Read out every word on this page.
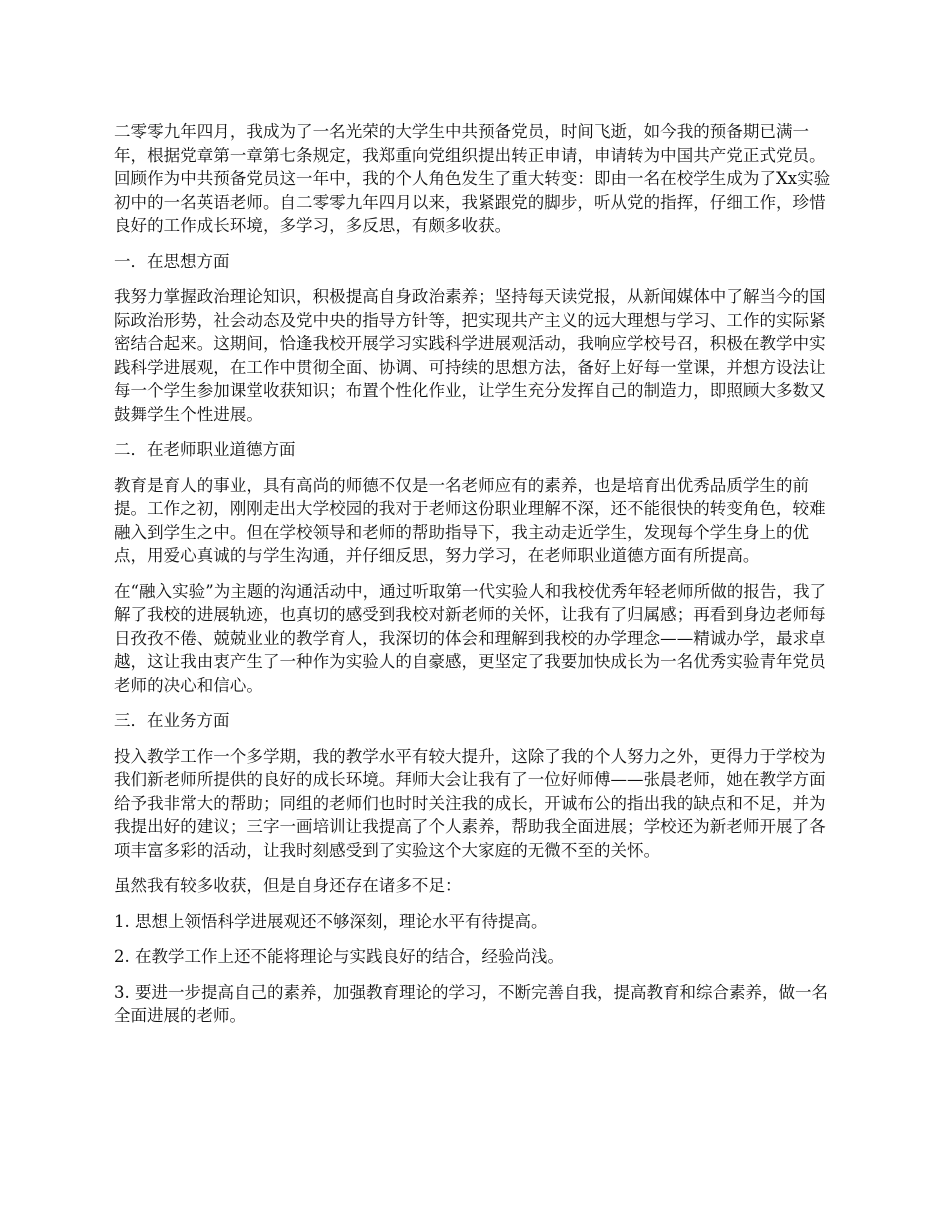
二零零九年四月，我成为了一名光荣的大学生中共预备党员，时间飞逝，如今我的预备期已满一年，根据党章第一章第七条规定，我郑重向党组织提出转正申请，申请转为中国共产党正式党员。回顾作为中共预备党员这一年中，我的个人角色发生了重大转变：即由一名在校学生成为了Xx实验初中的一名英语老师。自二零零九年四月以来，我紧跟党的脚步，听从党的指挥，仔细工作，珍惜良好的工作成长环境，多学习，多反思，有颇多收获。

一．在思想方面

我努力掌握政治理论知识，积极提高自身政治素养；坚持每天读党报，从新闻媒体中了解当今的国际政治形势，社会动态及党中央的指导方针等，把实现共产主义的远大理想与学习、工作的实际紧密结合起来。这期间，恰逢我校开展学习实践科学进展观活动，我响应学校号召，积极在教学中实践科学进展观，在工作中贯彻全面、协调、可持续的思想方法，备好上好每一堂课，并想方设法让每一个学生参加课堂收获知识；布置个性化作业，让学生充分发挥自己的制造力，即照顾大多数又鼓舞学生个性进展。

二．在老师职业道德方面

教育是育人的事业，具有高尚的师德不仅是一名老师应有的素养，也是培育出优秀品质学生的前提。工作之初，刚刚走出大学校园的我对于老师这份职业理解不深，还不能很快的转变角色，较难融入到学生之中。但在学校领导和老师的帮助指导下，我主动走近学生，发现每个学生身上的优点，用爱心真诚的与学生沟通，并仔细反思，努力学习，在老师职业道德方面有所提高。

在“融入实验”为主题的沟通活动中，通过听取第一代实验人和我校优秀年轻老师所做的报告，我了解了我校的进展轨迹，也真切的感受到我校对新老师的关怀，让我有了归属感；再看到身边老师每日孜孜不倦、兢兢业业的教学育人，我深切的体会和理解到我校的办学理念——精诚办学，最求卓越，这让我由衷产生了一种作为实验人的自豪感，更坚定了我要加快成长为一名优秀实验青年党员老师的决心和信心。

三．在业务方面

投入教学工作一个多学期，我的教学水平有较大提升，这除了我的个人努力之外，更得力于学校为我们新老师所提供的良好的成长环境。拜师大会让我有了一位好师傅——张晨老师，她在教学方面给予我非常大的帮助；同组的老师们也时时关注我的成长，开诚布公的指出我的缺点和不足，并为我提出好的建议；三字一画培训让我提高了个人素养，帮助我全面进展；学校还为新老师开展了各项丰富多彩的活动，让我时刻感受到了实验这个大家庭的无微不至的关怀。

虽然我有较多收获，但是自身还存在诸多不足：

1. 思想上领悟科学进展观还不够深刻，理论水平有待提高。

2. 在教学工作上还不能将理论与实践良好的结合，经验尚浅。

3. 要进一步提高自己的素养，加强教育理论的学习，不断完善自我，提高教育和综合素养，做一名全面进展的老师。
